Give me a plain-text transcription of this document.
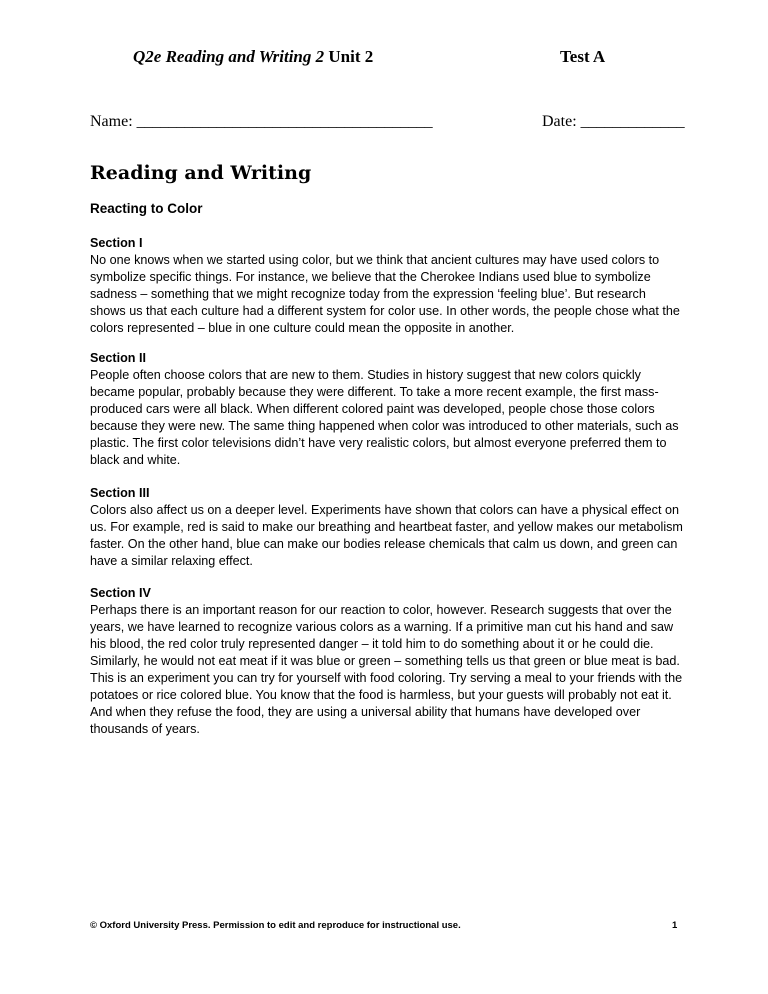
Q2e Reading and Writing 2 Unit 2	Test A
Name: _____________________________________	Date: _____________
Reading and Writing
Reacting to Color
Section I
No one knows when we started using color, but we think that ancient cultures may have used colors to symbolize specific things. For instance, we believe that the Cherokee Indians used blue to symbolize sadness – something that we might recognize today from the expression ‘feeling blue’. But research shows us that each culture had a different system for color use. In other words, the people chose what the colors represented – blue in one culture could mean the opposite in another.
Section II
People often choose colors that are new to them. Studies in history suggest that new colors quickly became popular, probably because they were different. To take a more recent example, the first mass-produced cars were all black. When different colored paint was developed, people chose those colors because they were new. The same thing happened when color was introduced to other materials, such as plastic. The first color televisions didn’t have very realistic colors, but almost everyone preferred them to black and white.
Section III
Colors also affect us on a deeper level. Experiments have shown that colors can have a physical effect on us. For example, red is said to make our breathing and heartbeat faster, and yellow makes our metabolism faster. On the other hand, blue can make our bodies release chemicals that calm us down, and green can have a similar relaxing effect.
Section IV
Perhaps there is an important reason for our reaction to color, however. Research suggests that over the years, we have learned to recognize various colors as a warning. If a primitive man cut his hand and saw his blood, the red color truly represented danger – it told him to do something about it or he could die. Similarly, he would not eat meat if it was blue or green – something tells us that green or blue meat is bad. This is an experiment you can try for yourself with food coloring. Try serving a meal to your friends with the potatoes or rice colored blue. You know that the food is harmless, but your guests will probably not eat it. And when they refuse the food, they are using a universal ability that humans have developed over thousands of years.
© Oxford University Press. Permission to edit and reproduce for instructional use.	1
